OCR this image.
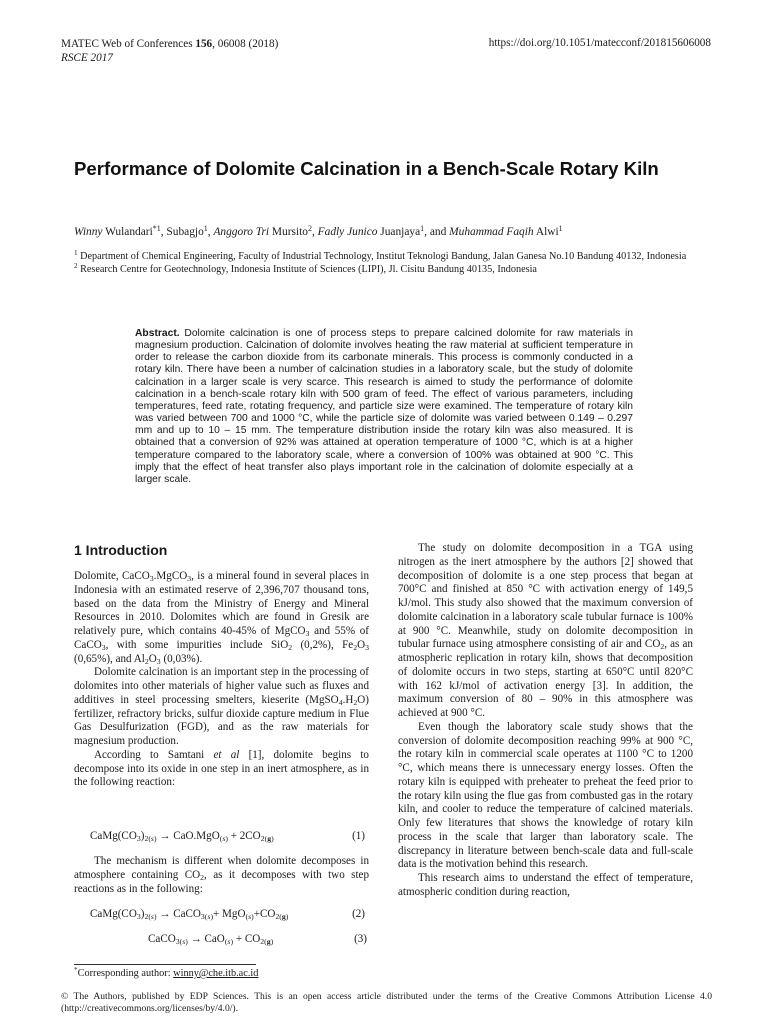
MATEC Web of Conferences 156, 06008 (2018)
RSCE 2017
https://doi.org/10.1051/matecconf/201815606008
Performance of Dolomite Calcination in a Bench-Scale Rotary Kiln
Winny Wulandari$^{*1}$, Subagjo$^1$, Anggoro Tri Mursito$^2$, Fadly Junico Juanjaya$^1$, and Muhammad Faqih Alwi$^1$
$^1$ Department of Chemical Engineering, Faculty of Industrial Technology, Institut Teknologi Bandung, Jalan Ganesa No.10 Bandung 40132, Indonesia
$^2$ Research Centre for Geotechnology, Indonesia Institute of Sciences (LIPI), Jl. Cisitu Bandung 40135, Indonesia
Abstract. Dolomite calcination is one of process steps to prepare calcined dolomite for raw materials in magnesium production. Calcination of dolomite involves heating the raw material at sufficient temperature in order to release the carbon dioxide from its carbonate minerals. This process is commonly conducted in a rotary kiln. There have been a number of calcination studies in a laboratory scale, but the study of dolomite calcination in a larger scale is very scarce. This research is aimed to study the performance of dolomite calcination in a bench-scale rotary kiln with 500 gram of feed. The effect of various parameters, including temperatures, feed rate, rotating frequency, and particle size were examined. The temperature of rotary kiln was varied between 700 and 1000 °C, while the particle size of dolomite was varied between 0.149 – 0.297 mm and up to 10 – 15 mm. The temperature distribution inside the rotary kiln was also measured. It is obtained that a conversion of 92% was attained at operation temperature of 1000 °C, which is at a higher temperature compared to the laboratory scale, where a conversion of 100% was obtained at 900 °C. This imply that the effect of heat transfer also plays important role in the calcination of dolomite especially at a larger scale.
1 Introduction

Dolomite, CaCO$_3$.MgCO$_3$, is a mineral found in several places in Indonesia with an estimated reserve of 2,396,707 thousand tons, based on the data from the Ministry of Energy and Mineral Resources in 2010. Dolomites which are found in Gresik are relatively pure, which contains 40-45% of MgCO$_3$ and 55% of CaCO$_3$, with some impurities include SiO$_2$ (0,2%), $Fe_2O_3$ (0,65%), and $Al_2O_3$ (0,03%).

Dolomite calcination is an important step in the processing of dolomites into other materials of higher value such as fluxes and additives in steel processing smelters, kieserite $(MgSO_4.H_2O)$ fertilizer, refractory bricks, sulfur dioxide capture medium in Flue Gas Desulfurization (FGD), and as the raw materials for magnesium production.

According to Samtani et al [1], dolomite begins to decompose into its oxide in one step in an inert atmosphere, as in the following reaction:

$CaMg(CO_3)_{2(s)} \to CaO.MgO_{(s)} + 2CO_{2(g)}$	(1)

The mechanism is different when dolomite decomposes in atmosphere containing $CO_2$, as it decomposes with two step reactions as in the following:

$CaMg(CO_3)_{2(s)}$ → CaCO$_{3(s)}$+ $MgO_{(s)}+CO_{2(g)}$	(2)
CaCO$_{3(s)}$ → $CaO_{(s)} + CO_{2(g)}$	(3)

The study on dolomite decomposition in a TGA using nitrogen as the inert atmosphere by the authors [2] showed that decomposition of dolomite is a one step process that began at 700°C and finished at 850 °C with activation energy of 149,5 kJ/mol. This study also showed that the maximum conversion of dolomite calcination in a laboratory scale tubular furnace is 100% at 900 °C. Meanwhile, study on dolomite decomposition in tubular furnace using atmosphere consisting of air and $CO_2$, as an atmospheric replication in rotary kiln, shows that decomposition of dolomite occurs in two steps, starting at 650°C until 820°C with 162 kJ/mol of activation energy [3]. In addition, the maximum conversion of 80 – 90% in this atmosphere was achieved at 900 °C.

Even though the laboratory scale study shows that the conversion of dolomite decomposition reaching 99% at 900 °C, the rotary kiln in commercial scale operates at 1100 °C to 1200 °C, which means there is unnecessary energy losses. Often the rotary kiln is equipped with preheater to preheat the feed prior to the rotary kiln using the flue gas from combusted gas in the rotary kiln, and cooler to reduce the temperature of calcined materials. Only few literatures that shows the knowledge of rotary kiln process in the scale that larger than laboratory scale. The discrepancy in literature between bench-scale data and full-scale data is the motivation behind this research.

This research aims to understand the effect of temperature, atmospheric condition during reaction,

*Corresponding author: winny@che.itb.ac.id
© The Authors, published by EDP Sciences. This is an open access article distributed under the terms of the Creative Commons Attribution License 4.0 (http://creativecommons.org/licenses/by/4.0/).
